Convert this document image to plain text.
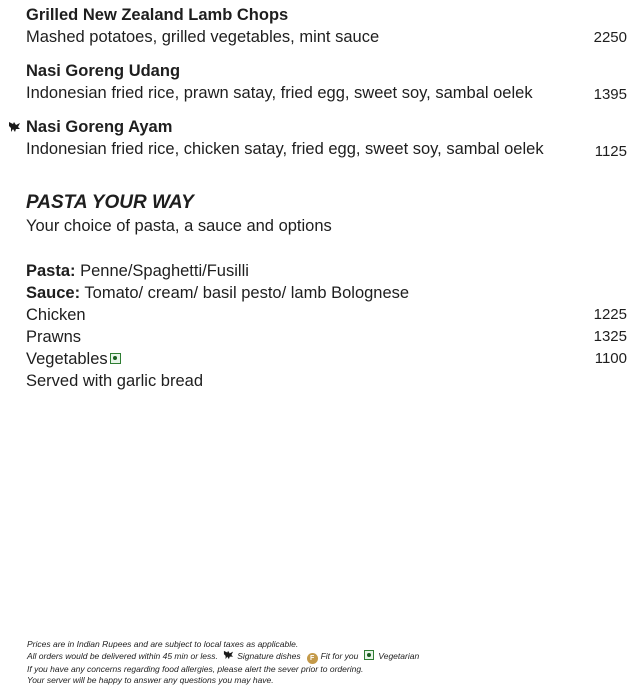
Grilled New Zealand Lamb Chops
Mashed potatoes, grilled vegetables, mint sauce	2250
Nasi Goreng Udang
Indonesian fried rice, prawn satay, fried egg, sweet soy, sambal oelek	1395
Nasi Goreng Ayam
Indonesian fried rice, chicken satay, fried egg, sweet soy, sambal oelek	1125
PASTA YOUR WAY
Your choice of pasta, a sauce and options
Pasta: Penne/Spaghetti/Fusilli
Sauce: Tomato/ cream/ basil pesto/ lamb Bolognese
Chicken	1225
Prawns	1325
Vegetables	1100
Served with garlic bread
Prices are in Indian Rupees and are subject to local taxes as applicable.
All orders would be delivered within 45 min or less. Signature dishes F Fit for you Vegetarian
If you have any concerns regarding food allergies, please alert the sever prior to ordering.
Your server will be happy to answer any questions you may have.
